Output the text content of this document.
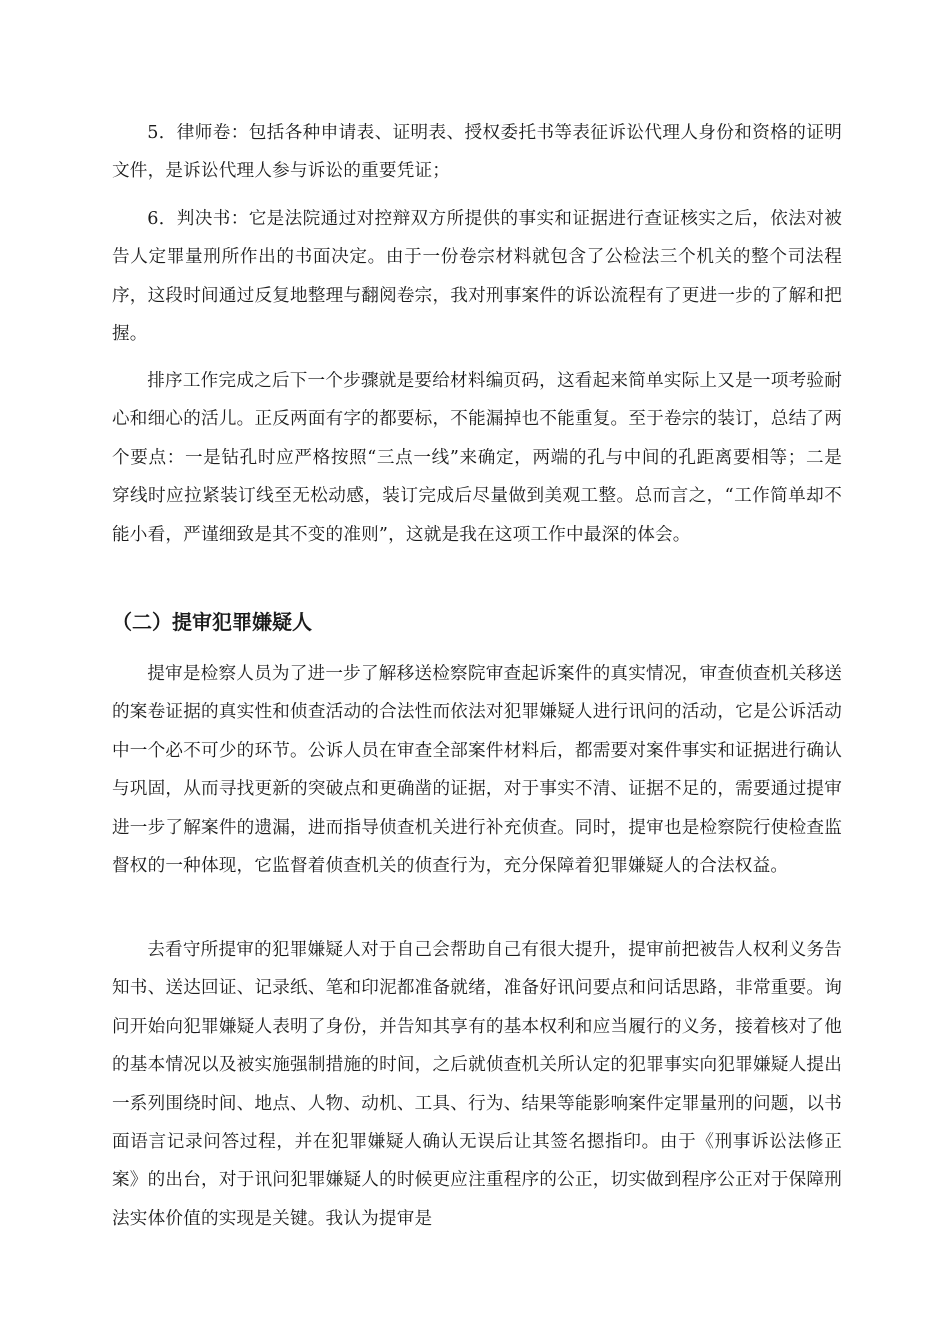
5．律师卷：包括各种申请表、证明表、授权委托书等表征诉讼代理人身份和资格的证明文件，是诉讼代理人参与诉讼的重要凭证；

6．判决书：它是法院通过对控辩双方所提供的事实和证据进行查证核实之后，依法对被告人定罪量刑所作出的书面决定。由于一份卷宗材料就包含了公检法三个机关的整个司法程序，这段时间通过反复地整理与翻阅卷宗，我对刑事案件的诉讼流程有了更进一步的了解和把握。

排序工作完成之后下一个步骤就是要给材料编页码，这看起来简单实际上又是一项考验耐心和细心的活儿。正反两面有字的都要标，不能漏掉也不能重复。至于卷宗的装订，总结了两个要点：一是钻孔时应严格按照“三点一线”来确定，两端的孔与中间的孔距离要相等；二是穿线时应拉紧装订线至无松动感，装订完成后尽量做到美观工整。总而言之，“工作简单却不能小看，严谨细致是其不变的准则”，这就是我在这项工作中最深的体会。

（二）提审犯罪嫌疑人

提审是检察人员为了进一步了解移送检察院审查起诉案件的真实情况，审查侦查机关移送的案卷证据的真实性和侦查活动的合法性而依法对犯罪嫌疑人进行讯问的活动，它是公诉活动中一个必不可少的环节。公诉人员在审查全部案件材料后，都需要对案件事实和证据进行确认与巩固，从而寻找更新的突破点和更确凿的证据，对于事实不清、证据不足的，需要通过提审进一步了解案件的遗漏，进而指导侦查机关进行补充侦查。同时，提审也是检察院行使检查监督权的一种体现，它监督着侦查机关的侦查行为，充分保障着犯罪嫌疑人的合法权益。

去看守所提审的犯罪嫌疑人对于自己会帮助自己有很大提升，提审前把被告人权利义务告知书、送达回证、记录纸、笔和印泥都准备就绪，准备好讯问要点和问话思路，非常重要。询问开始向犯罪嫌疑人表明了身份，并告知其享有的基本权利和应当履行的义务，接着核对了他的基本情况以及被实施强制措施的时间，之后就侦查机关所认定的犯罪事实向犯罪嫌疑人提出一系列围绕时间、地点、人物、动机、工具、行为、结果等能影响案件定罪量刑的问题，以书面语言记录问答过程，并在犯罪嫌疑人确认无误后让其签名摁指印。由于《刑事诉讼法修正案》的出台，对于讯问犯罪嫌疑人的时候更应注重程序的公正，切实做到程序公正对于保障刑法实体价值的实现是关键。我认为提审是
